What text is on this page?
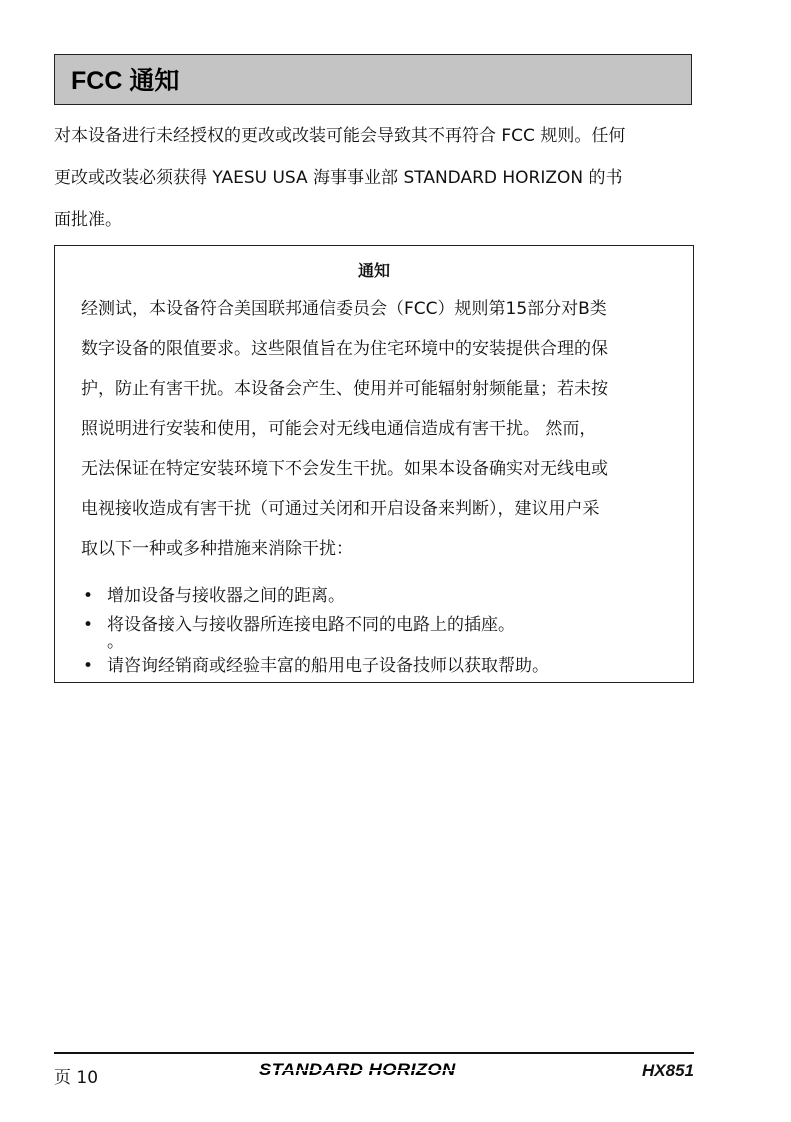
FCC 通知
对本设备进行未经授权的更改或改装可能会导致其不再符合 FCC 规则。任何
更改或改装必须获得 YAESU USA 海事事业部 STANDARD HORIZON 的书
面批准。
通知
经测试，本设备符合美国联邦通信委员会（FCC）规则第15部分对B类
数字设备的限值要求。这些限值旨在为住宅环境中的安装提供合理的保
护，防止有害干扰。本设备会产生、使用并可能辐射射频能量；若未按
照说明进行安装和使用，可能会对无线电通信造成有害干扰。 然而，
无法保证在特定安装环境下不会发生干扰。如果本设备确实对无线电或
电视接收造成有害干扰（可通过关闭和开启设备来判断），建议用户采
取以下一种或多种措施来消除干扰：
• 增加设备与接收器之间的距离。
• 将设备接入与接收器所连接电路不同的电路上的插座。
。
• 请咨询经销商或经验丰富的船用电子设备技师以获取帮助。
页 10	STANDARD HORIZON	HX851
